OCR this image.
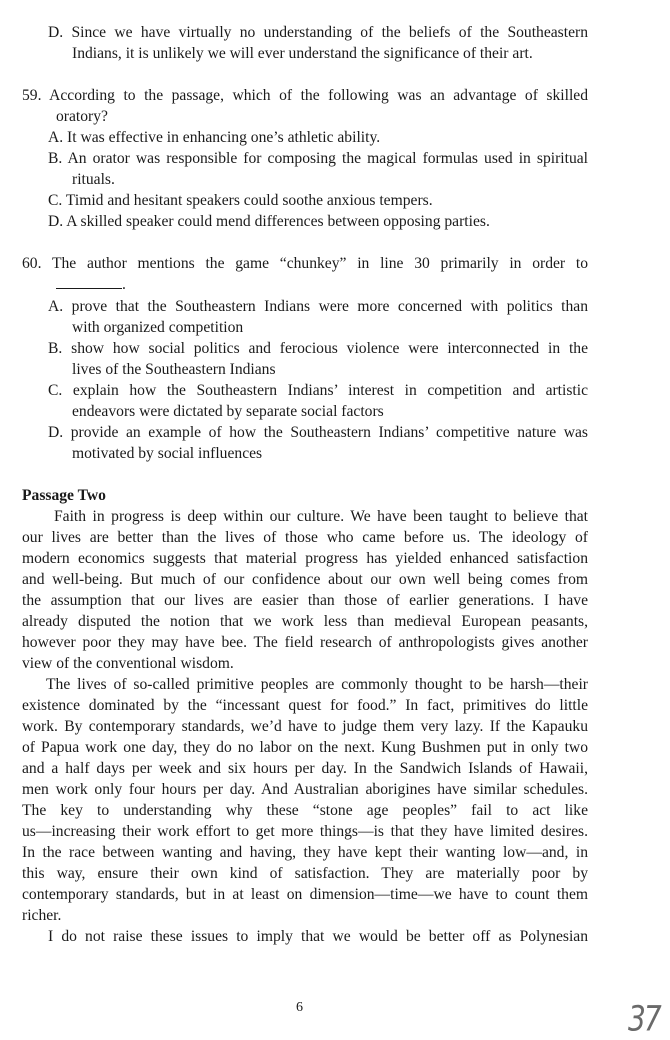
D. Since we have virtually no understanding of the beliefs of the Southeastern
Indians, it is unlikely we will ever understand the significance of their art.
59. According to the passage, which of the following was an advantage of skilled
oratory?
A. It was effective in enhancing one’s athletic ability.
B. An orator was responsible for composing the magical formulas used in spiritual
rituals.
C. Timid and hesitant speakers could soothe anxious tempers.
D. A skilled speaker could mend differences between opposing parties.
60. The author mentions the game “chunkey” in line 30 primarily in order to
.
A. prove that the Southeastern Indians were more concerned with politics than
with organized competition
B. show how social politics and ferocious violence were interconnected in the
lives of the Southeastern Indians
C. explain how the Southeastern Indians’ interest in competition and artistic
endeavors were dictated by separate social factors
D. provide an example of how the Southeastern Indians’ competitive nature was
motivated by social influences
Passage Two
Faith in progress is deep within our culture. We have been taught to believe that
our lives are better than the lives of those who came before us. The ideology of
modern economics suggests that material progress has yielded enhanced satisfaction
and well-being. But much of our confidence about our own well being comes from
the assumption that our lives are easier than those of earlier generations. I have
already disputed the notion that we work less than medieval European peasants,
however poor they may have bee. The field research of anthropologists gives another
view of the conventional wisdom.
The lives of so-called primitive peoples are commonly thought to be harsh—their
existence dominated by the “incessant quest for food.” In fact, primitives do little
work. By contemporary standards, we’d have to judge them very lazy. If the Kapauku
of Papua work one day, they do no labor on the next. Kung Bushmen put in only two
and a half days per week and six hours per day. In the Sandwich Islands of Hawaii,
men work only four hours per day. And Australian aborigines have similar schedules.
The key to understanding why these “stone age peoples” fail to act like
us—increasing their work effort to get more things—is that they have limited desires.
In the race between wanting and having, they have kept their wanting low—and, in
this way, ensure their own kind of satisfaction. They are materially poor by
contemporary standards, but in at least on dimension—time—we have to count them
richer.
I do not raise these issues to imply that we would be better off as Polynesian
6	37
